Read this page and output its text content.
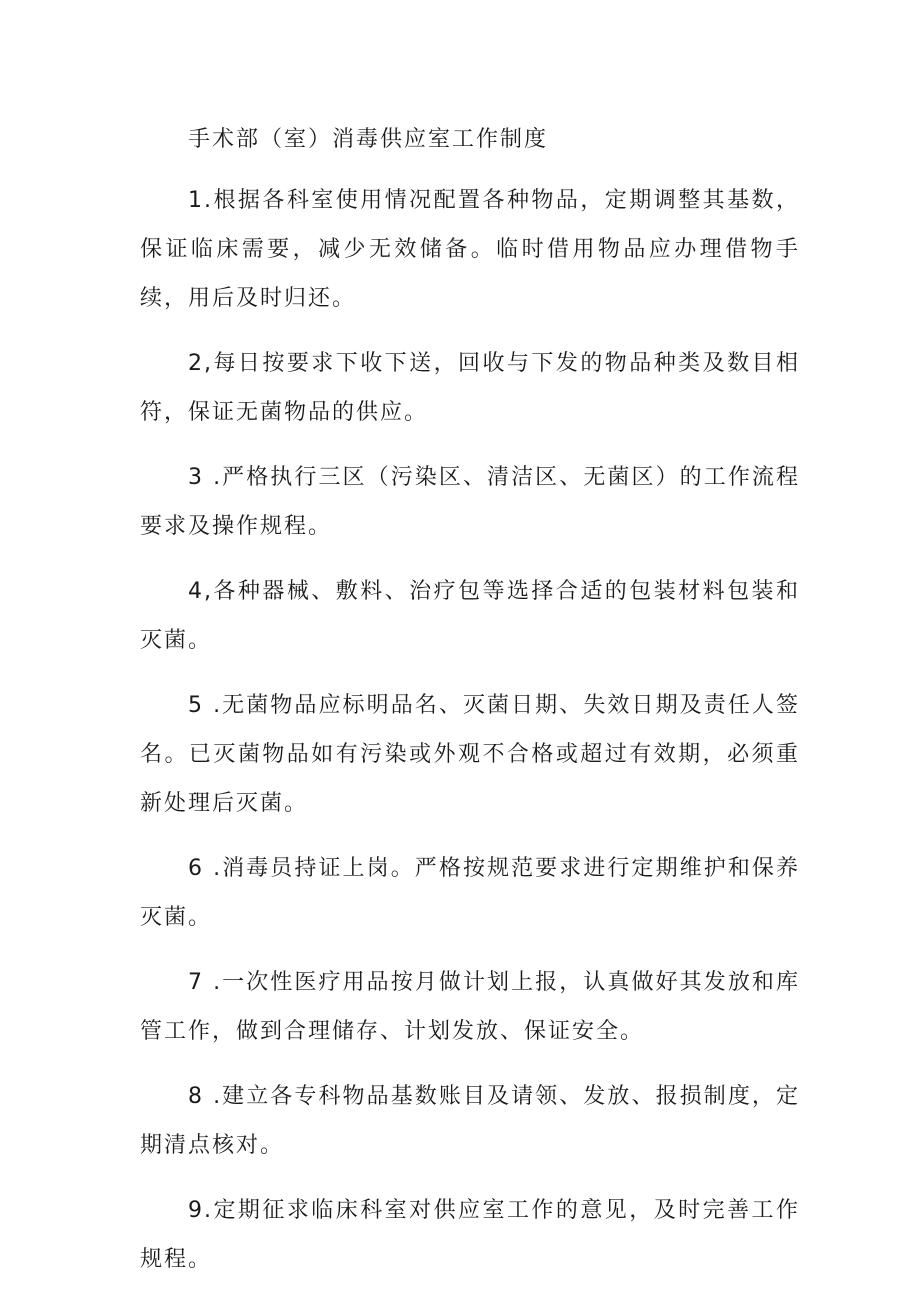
手术部（室）消毒供应室工作制度

1.根据各科室使用情况配置各种物品，定期调整其基数，保证临床需要，减少无效储备。临时借用物品应办理借物手续，用后及时归还。

2,每日按要求下收下送，回收与下发的物品种类及数目相符，保证无菌物品的供应。

3 .严格执行三区（污染区、清洁区、无菌区）的工作流程要求及操作规程。

4,各种器械、敷料、治疗包等选择合适的包装材料包装和灭菌。

5 .无菌物品应标明品名、灭菌日期、失效日期及责任人签名。已灭菌物品如有污染或外观不合格或超过有效期，必须重新处理后灭菌。

6 .消毒员持证上岗。严格按规范要求进行定期维护和保养灭菌。

7 .一次性医疗用品按月做计划上报，认真做好其发放和库管工作，做到合理储存、计划发放、保证安全。

8 .建立各专科物品基数账目及请领、发放、报损制度，定期清点核对。

9.定期征求临床科室对供应室工作的意见，及时完善工作规程。
